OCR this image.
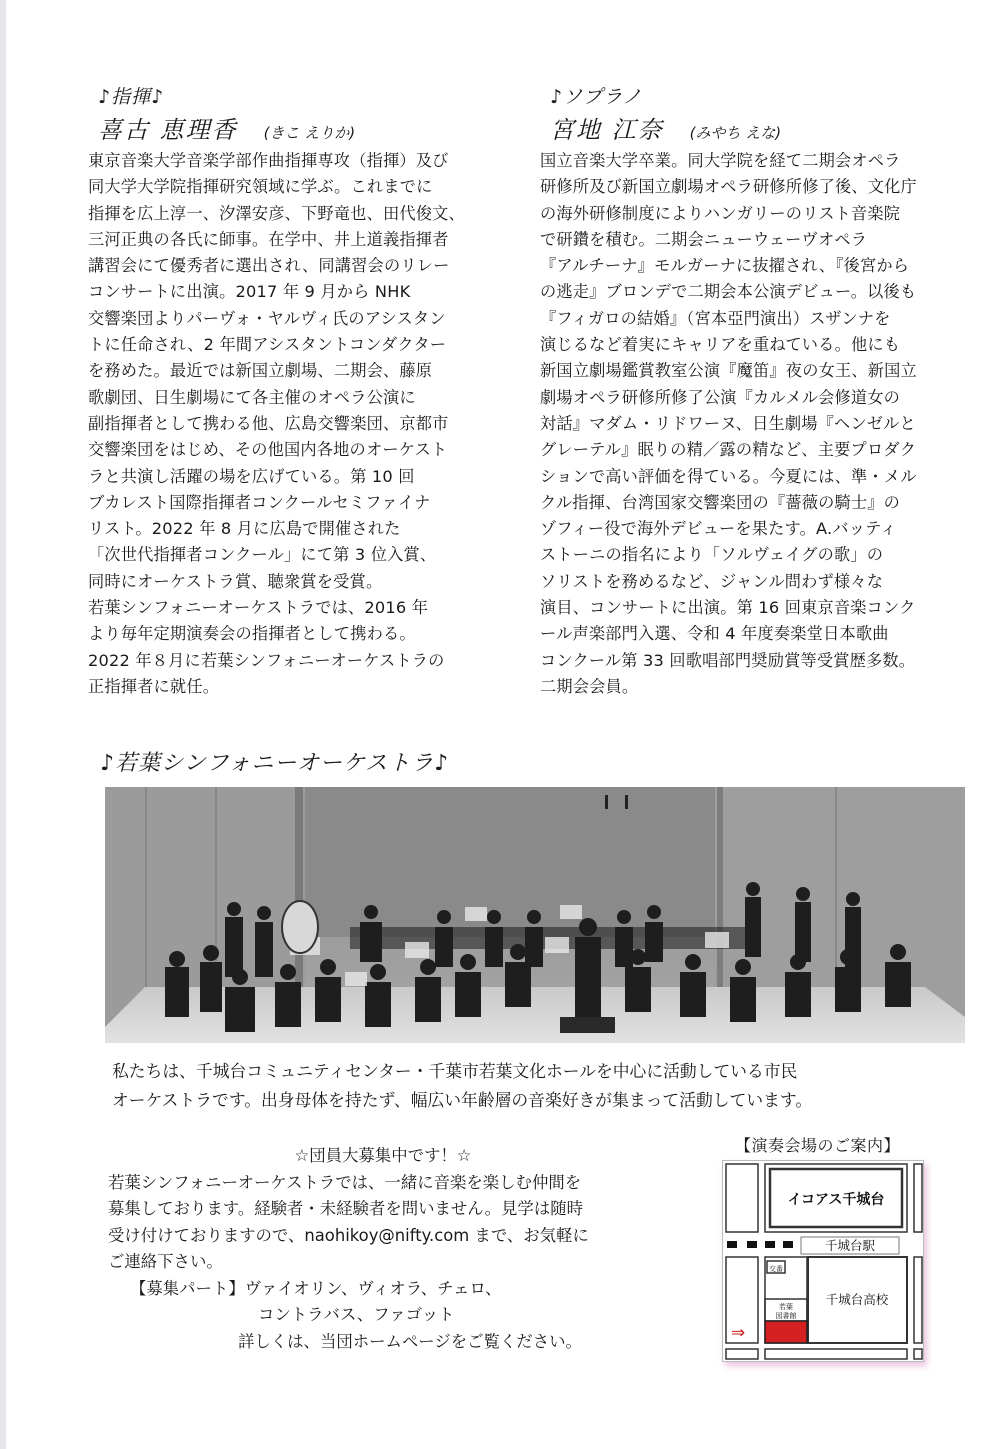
♪指揮♪
喜古 恵理香 (きこ えりか)
東京音楽大学音楽学部作曲指揮専攻（指揮）及び
同大学大学院指揮研究領域に学ぶ。これまでに
指揮を広上淳一、汐澤安彦、下野竜也、田代俊文、
三河正典の各氏に師事。在学中、井上道義指揮者
講習会にて優秀者に選出され、同講習会のリレー
コンサートに出演。2017 年 9 月から NHK
交響楽団よりパーヴォ・ヤルヴィ氏のアシスタン
トに任命され、2 年間アシスタントコンダクター
を務めた。最近では新国立劇場、二期会、藤原
歌劇団、日生劇場にて各主催のオペラ公演に
副指揮者として携わる他、広島交響楽団、京都市
交響楽団をはじめ、その他国内各地のオーケスト
ラと共演し活躍の場を広げている。第 10 回
ブカレスト国際指揮者コンクールセミファイナ
リスト。2022 年 8 月に広島で開催された
「次世代指揮者コンクール」にて第 3 位入賞、
同時にオーケストラ賞、聴衆賞を受賞。
若葉シンフォニーオーケストラでは、2016 年
より毎年定期演奏会の指揮者として携わる。
2022 年８月に若葉シンフォニーオーケストラの
正指揮者に就任。
♪ソプラノ
宮地 江奈 (みやち えな)
国立音楽大学卒業。同大学院を経て二期会オペラ
研修所及び新国立劇場オペラ研修所修了後、文化庁
の海外研修制度によりハンガリーのリスト音楽院
で研鑽を積む。二期会ニューウェーヴオペラ
『アルチーナ』モルガーナに抜擢され、『後宮から
の逃走』ブロンデで二期会本公演デビュー。以後も
『フィガロの結婚』（宮本亞門演出）スザンナを
演じるなど着実にキャリアを重ねている。他にも
新国立劇場鑑賞教室公演『魔笛』夜の女王、新国立
劇場オペラ研修所修了公演『カルメル会修道女の
対話』マダム・リドワーヌ、日生劇場『ヘンゼルと
グレーテル』眠りの精／露の精など、主要プロダク
ションで高い評価を得ている。今夏には、準・メル
クル指揮、台湾国家交響楽団の『薔薇の騎士』の
ゾフィー役で海外デビューを果たす。A.バッティ
ストーニの指名により「ソルヴェイグの歌」の
ソリストを務めるなど、ジャンル問わず様々な
演目、コンサートに出演。第 16 回東京音楽コンク
ール声楽部門入選、令和 4 年度奏楽堂日本歌曲
コンクール第 33 回歌唱部門奨励賞等受賞歴多数。
二期会会員。
♪若葉シンフォニーオーケストラ♪
私たちは、千城台コミュニティセンター・千葉市若葉文化ホールを中心に活動している市民
オーケストラです。出身母体を持たず、幅広い年齢層の音楽好きが集まって活動しています。
☆団員大募集中です！☆
若葉シンフォニーオーケストラでは、一緒に音楽を楽しむ仲間を
募集しております。経験者・未経験者を問いません。見学は随時
受け付けておりますので、naohikoy@nifty.com まで、お気軽に
ご連絡下さい。
【募集パート】ヴァイオリン、ヴィオラ、チェロ、
コントラバス、ファゴット
詳しくは、当団ホームページをご覧ください。
【演奏会場のご案内】
イコアス千城台
千城台駅
交番
若葉
図書館
千城台高校
⇒
